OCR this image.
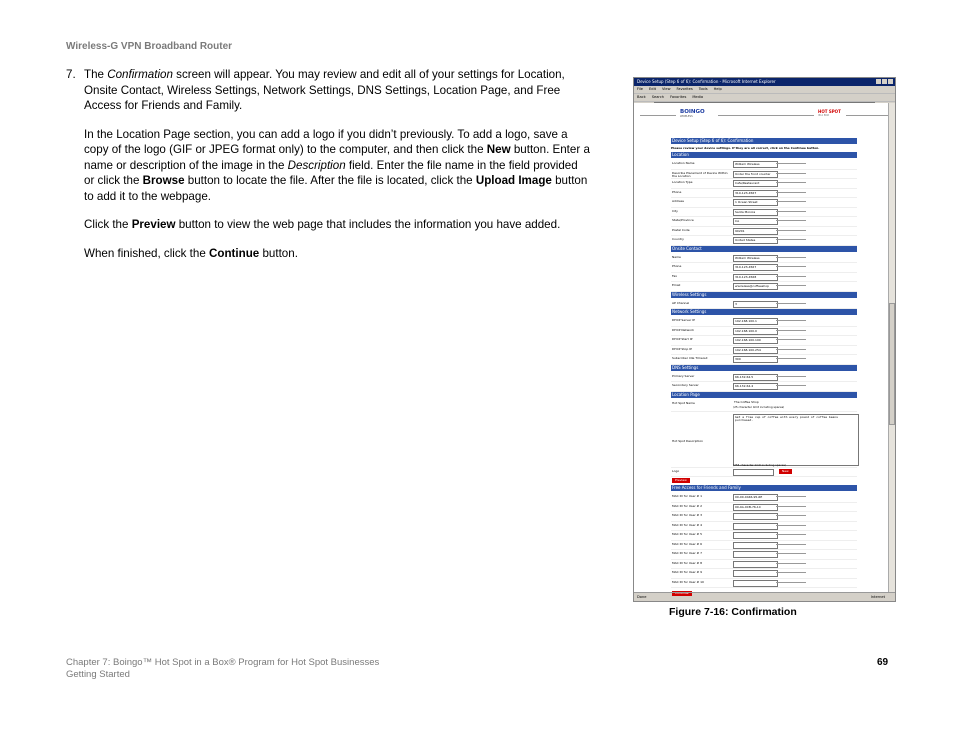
Wireless-G VPN Broadband Router
7. The Confirmation screen will appear. You may review and edit all of your settings for Location, Onsite Contact, Wireless Settings, Network Settings, DNS Settings, Location Page, and Free Access for Friends and Family.

In the Location Page section, you can add a logo if you didn’t previously. To add a logo, save a copy of the logo (GIF or JPEG format only) to the computer, and then click the New button. Enter a name or description of the image in the Description field. Enter the file name in the field provided or click the Browse button to locate the file. After the file is located, click the Upload Image button to add it to the webpage.

Click the Preview button to view the web page that includes the information you have added.

When finished, click the Continue button.

Device Setup (Step 6 of 6): Confirmation - Microsoft Internet Explorer
File Edit View Favorites Tools Help
Back Search Favorites Media
BOINGO
WIRELESS
HOT SPOT
IN A BOX
Device Setup (Step 6 of 6): Confirmation
Please review your device settings. If they are all correct, click on the Continue button.
Location
Location Name	William Wireless
Describe Placement of Device Within the Location
Under the front counter
Location Type	Cafe/Restaurant
Phone	310-123-4567
Address	1 Ocean Street
City	Santa Monica
State/Province	CA
Postal Code	90201
Country	United States
Onsite Contact
Name	William Wireless
Phone	310-123-4567
Fax	310-123-4568
Email	wwireless@coffeeshop
Wireless Settings
AP Channel	3
Network Settings
DHCP Server IP	192.168.100.1
DHCP Network	192.168.100.0
DHCP Start IP	192.168.100.100
DHCP Stop IP	192.168.100.254
Subscriber Idle Timeout	300
DNS Settings
Primary Server	66.132.64.5
Secondary Server	66.132.64.4
Location Page
Hot Spot Name	The Coffee Shop
(25 character limit including spaces)
Hot Spot Description
Get a free cup of coffee with every pound of coffee beans purchased.
(255 character limit including spaces)
Logo	New
Preview
Free Access for Friends and Family
MAC ID for User # 1	00-00-0446-95-6E
MAC ID for User # 2	00-0A-0CB-76-1C
MAC ID for User # 3
MAC ID for User # 4
MAC ID for User # 5
MAC ID for User # 6
MAC ID for User # 7
MAC ID for User # 8
MAC ID for User # 9
MAC ID for User # 10
Continue
Done	Internet
Figure 7-16: Confirmation
Chapter 7: Boingo™ Hot Spot in a Box® Program for Hot Spot Businesses
Getting Started
69
